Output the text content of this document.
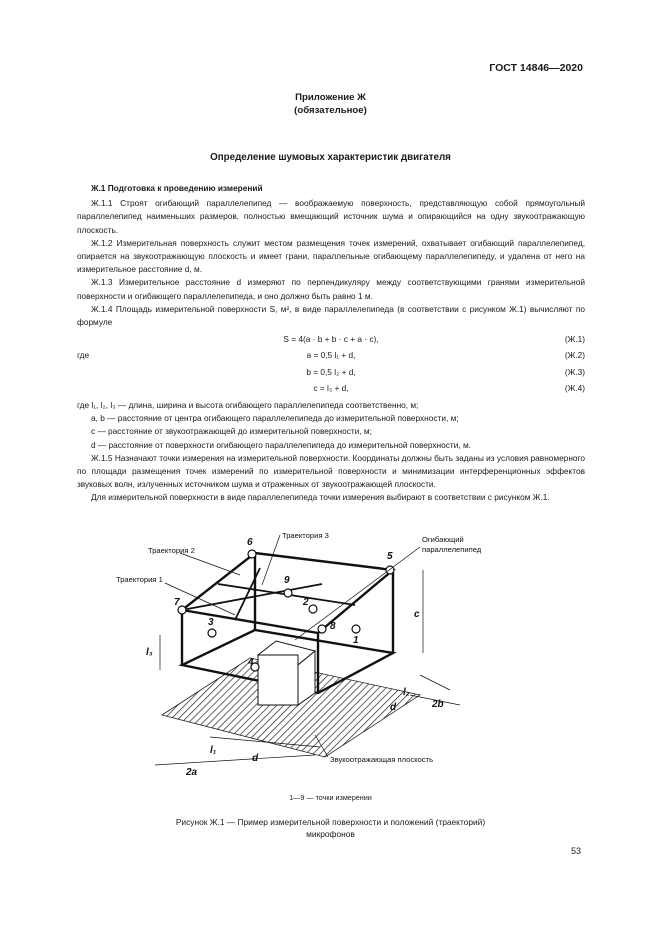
ГОСТ 14846—2020
Приложение Ж
(обязательное)
Определение шумовых характеристик двигателя

Ж.1 Подготовка к проведению измерений

Ж.1.1 Строят огибающий параллелепипед — воображаемую поверхность, представляющую собой прямоугольный параллелепипед наименьших размеров, полностью вмещающий источник шума и опирающийся на одну звукоотражающую плоскость.

Ж.1.2 Измерительная поверхность служит местом размещения точек измерений, охватывает огибающий параллелепипед, опирается на звукоотражающую плоскость и имеет грани, параллельные огибающему параллелепипеду, и удалена от него на измерительное расстояние d, м.

Ж.1.3 Измерительное расстояние d измеряют по перпендикуляру между соответствующими гранями измерительной поверхности и огибающего параллелепипеда, и оно должно быть равно 1 м.

Ж.1.4 Площадь измерительной поверхности S, м², в виде параллелепипеда (в соответствии с рисунком Ж.1) вычисляют по формуле

S = 4(a · b + b · c + a · c),	(Ж.1)
где	a = 0,5 l₁ + d,	(Ж.2)
b = 0,5 l₂ + d,	(Ж.3)
c = l₃ + d,	(Ж.4)

где l₁, l₂, l₃ — длина, ширина и высота огибающего параллелепипеда соответственно, м;

a, b — расстояние от центра огибающего параллелепипеда до измерительной поверхности, м;

c — расстояние от звукоотражающей до измерительной поверхности, м;

d — расстояние от поверхности огибающего параллелепипеда до измерительной поверхности, м.

Ж.1.5 Назначают точки измерения на измерительной поверхности. Координаты должны быть заданы из условия равномерного по площади размещения точек измерений по измерительной поверхности и минимизации интерференционных эффектов звуковых волн, излученных источником шума и отраженных от звукоотражающей плоскости.

Для измерительной поверхности в виде параллелепипеда точки измерения выбирают в соответствии с рисунком Ж.1.

1
2
3
4
5
6
7
8
9
Траектория 3
Траектория 2
Траектория 1
Огибающий
параллелепипед
Звукоотражающая плоскость
c
l₃
l₂
d	2b
l₁
d
2a
1—9 — точки измерении
Рисунок Ж.1 — Пример измерительной поверхности и положений (траекторий)
микрофонов
53
